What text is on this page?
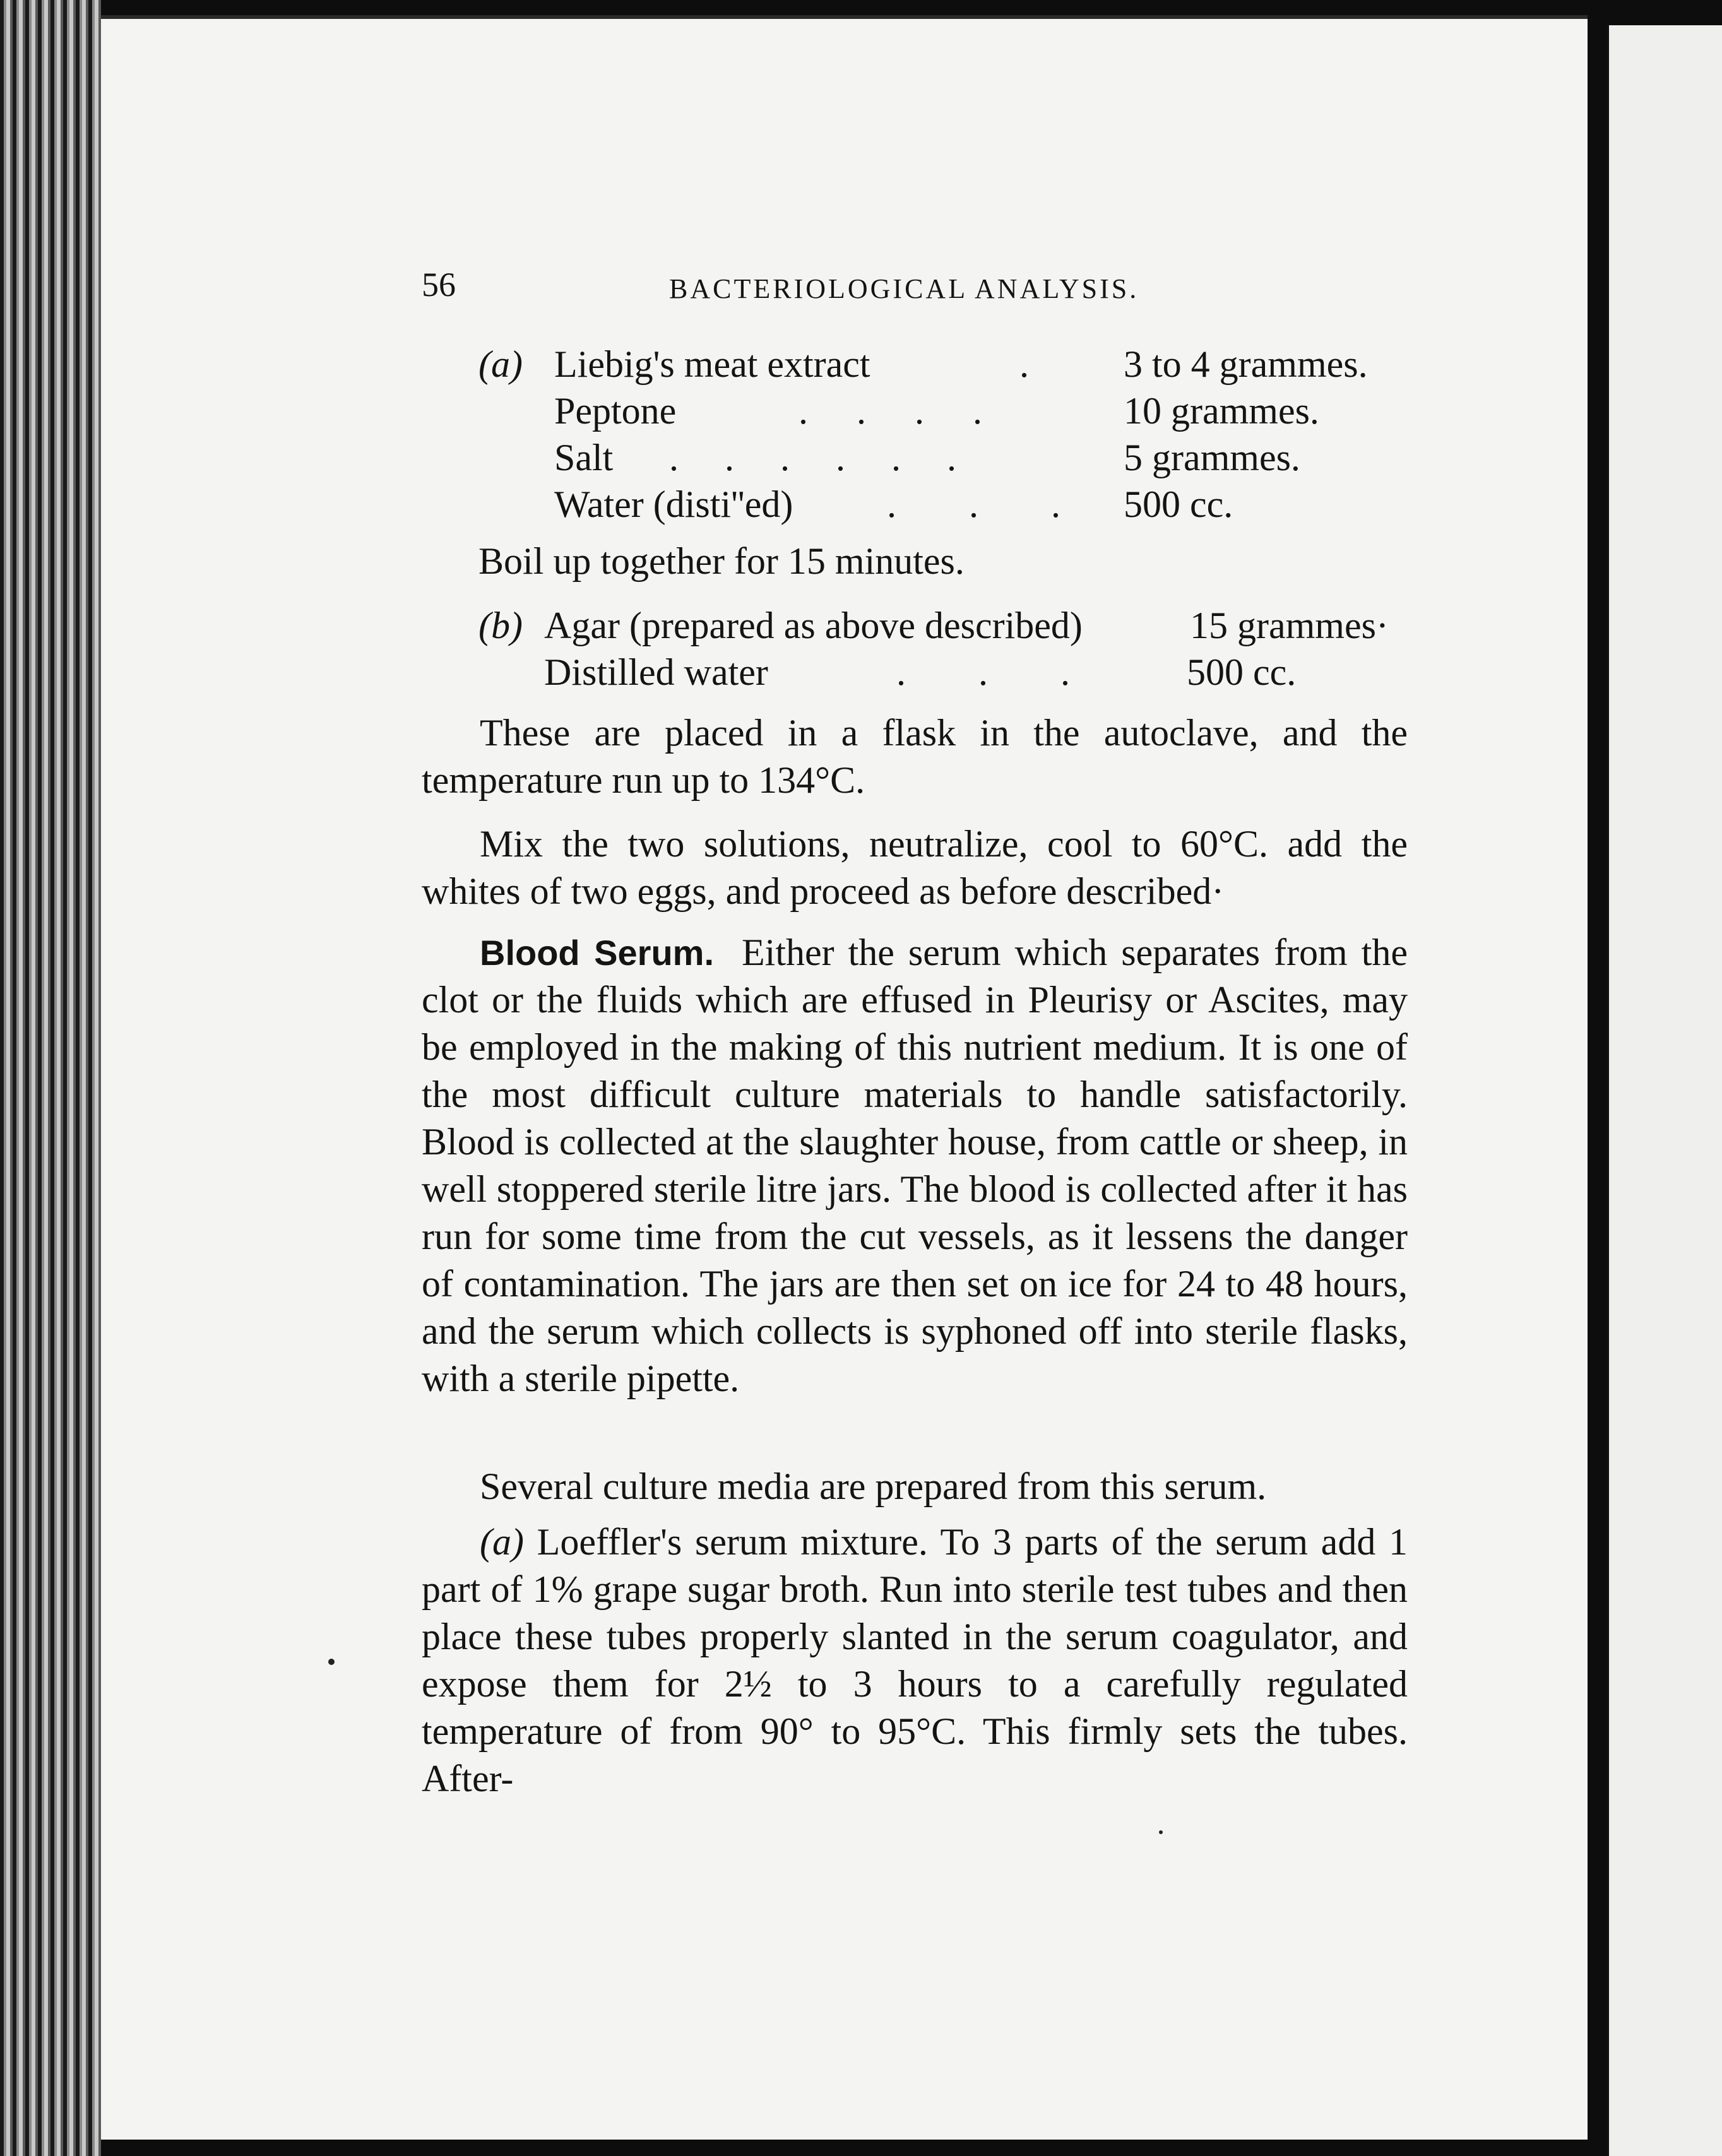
56	BACTERIOLOGICAL ANALYSIS.
(a) Liebig's meat extract	.	3 to 4 grammes.
Peptone	. . . .	10 grammes.
Salt . . . . . .	5 grammes.
Water (disti''ed) . . . 500 cc.
Boil up together for 15 minutes.
(b) Agar (prepared as above described)	15 grammes·
Distilled water	. . .	500 cc.
These are placed in a flask in the autoclave, and the temperature run up to 134°C.
Mix the two solutions, neutralize, cool to 60°C. add the whites of two eggs, and proceed as before described·
Blood Serum. Either the serum which separates from the clot or the fluids which are effused in Pleurisy or Ascites, may be employed in the making of this nutrient medium. It is one of the most difficult culture materials to handle satisfactorily. Blood is collected at the slaughter house, from cattle or sheep, in well stoppered sterile litre jars. The blood is collected after it has run for some time from the cut vessels, as it lessens the danger of contamination. The jars are then set on ice for 24 to 48 hours, and the serum which collects is syphoned off into sterile flasks, with a sterile pipette.
Several culture media are prepared from this serum.
(a) Loeffler's serum mixture. To 3 parts of the serum add 1 part of 1% grape sugar broth. Run into sterile test tubes and then place these tubes properly slanted in the serum coagulator, and expose them for 2½ to 3 hours to a carefully regulated temperature of from 90° to 95°C. This firmly sets the tubes. After-
